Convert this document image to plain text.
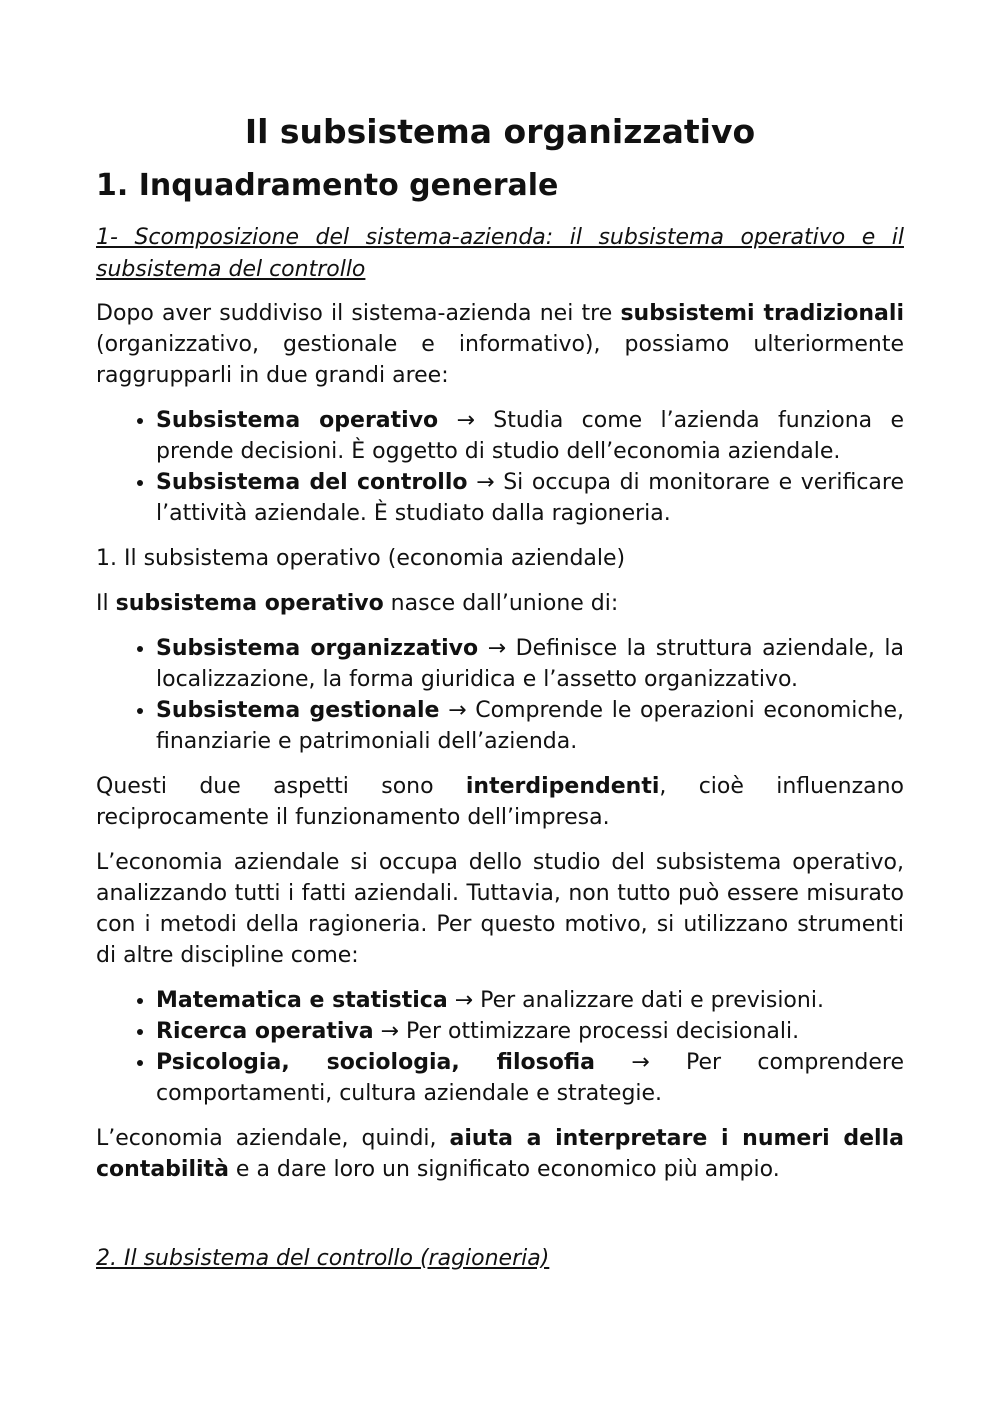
Il subsistema organizzativo
1. Inquadramento generale
1- Scomposizione del sistema-azienda: il subsistema operativo e il subsistema del controllo

Dopo aver suddiviso il sistema-azienda nei tre subsistemi tradizionali (organizzativo, gestionale e informativo), possiamo ulteriormente raggrupparli in due grandi aree:

• Subsistema operativo → Studia come l’azienda funziona e prende decisioni. È oggetto di studio dell’economia aziendale.
• Subsistema del controllo → Si occupa di monitorare e verificare l’attività aziendale. È studiato dalla ragioneria.

1. Il subsistema operativo (economia aziendale)

Il subsistema operativo nasce dall’unione di:

• Subsistema organizzativo → Definisce la struttura aziendale, la localizzazione, la forma giuridica e l’assetto organizzativo.
• Subsistema gestionale → Comprende le operazioni economiche, finanziarie e patrimoniali dell’azienda.

Questi due aspetti sono interdipendenti, cioè influenzano reciprocamente il funzionamento dell’impresa.

L’economia aziendale si occupa dello studio del subsistema operativo, analizzando tutti i fatti aziendali. Tuttavia, non tutto può essere misurato con i metodi della ragioneria. Per questo motivo, si utilizzano strumenti di altre discipline come:

• Matematica e statistica → Per analizzare dati e previsioni.
• Ricerca operativa → Per ottimizzare processi decisionali.
• Psicologia, sociologia, filosofia → Per comprendere comportamenti, cultura aziendale e strategie.

L’economia aziendale, quindi, aiuta a interpretare i numeri della contabilità e a dare loro un significato economico più ampio.

2. Il subsistema del controllo (ragioneria)
